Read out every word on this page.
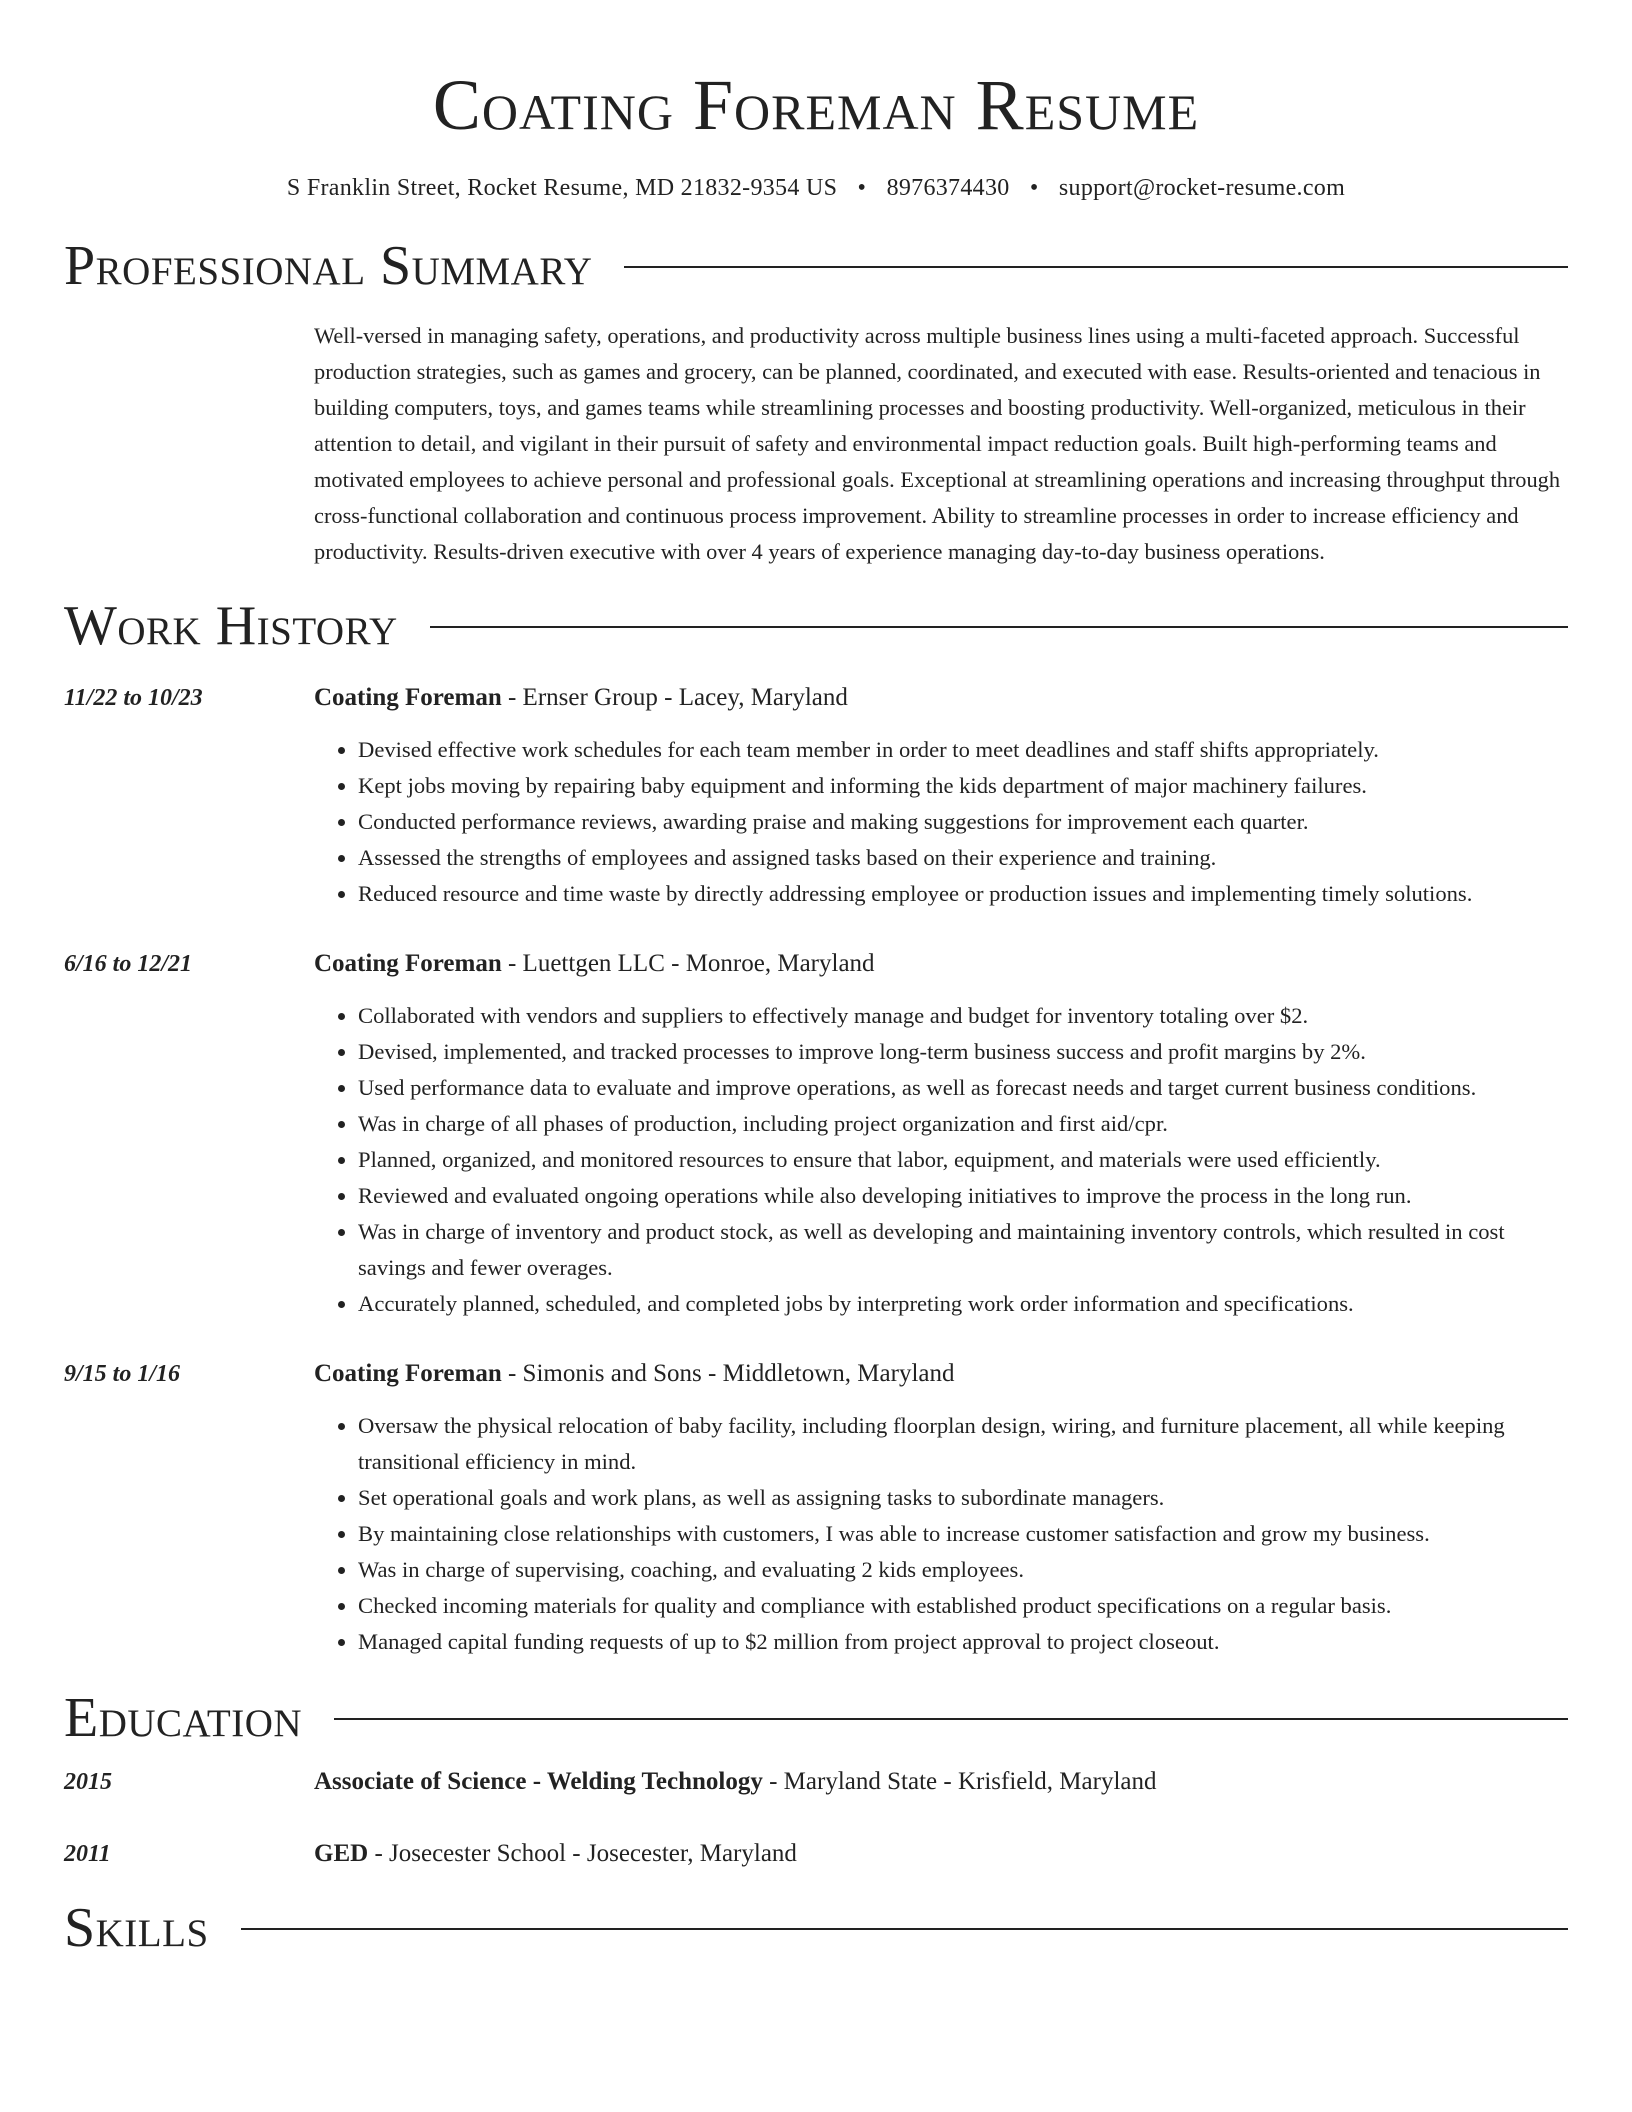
Coating Foreman Resume
S Franklin Street, Rocket Resume, MD 21832-9354 US • 8976374430 • support@rocket-resume.com
Professional Summary

Well-versed in managing safety, operations, and productivity across multiple business lines using a multi-faceted approach. Successful production strategies, such as games and grocery, can be planned, coordinated, and executed with ease. Results-oriented and tenacious in building computers, toys, and games teams while streamlining processes and boosting productivity. Well-organized, meticulous in their attention to detail, and vigilant in their pursuit of safety and environmental impact reduction goals. Built high-performing teams and motivated employees to achieve personal and professional goals. Exceptional at streamlining operations and increasing throughput through cross-functional collaboration and continuous process improvement. Ability to streamline processes in order to increase efficiency and productivity. Results-driven executive with over 4 years of experience managing day-to-day business operations.

Work History
11/22 to 10/23	Coating Foreman - Ernser Group - Lacey, Maryland
• Devised effective work schedules for each team member in order to meet deadlines and staff shifts appropriately.
• Kept jobs moving by repairing baby equipment and informing the kids department of major machinery failures.
• Conducted performance reviews, awarding praise and making suggestions for improvement each quarter.
• Assessed the strengths of employees and assigned tasks based on their experience and training.
• Reduced resource and time waste by directly addressing employee or production issues and implementing timely solutions.
6/16 to 12/21	Coating Foreman - Luettgen LLC - Monroe, Maryland
• Collaborated with vendors and suppliers to effectively manage and budget for inventory totaling over $2.
• Devised, implemented, and tracked processes to improve long-term business success and profit margins by 2%.
• Used performance data to evaluate and improve operations, as well as forecast needs and target current business conditions.
• Was in charge of all phases of production, including project organization and first aid/cpr.
• Planned, organized, and monitored resources to ensure that labor, equipment, and materials were used efficiently.
• Reviewed and evaluated ongoing operations while also developing initiatives to improve the process in the long run.
• Was in charge of inventory and product stock, as well as developing and maintaining inventory controls, which resulted in cost savings and fewer overages.
• Accurately planned, scheduled, and completed jobs by interpreting work order information and specifications.
9/15 to 1/16	Coating Foreman - Simonis and Sons - Middletown, Maryland
• Oversaw the physical relocation of baby facility, including floorplan design, wiring, and furniture placement, all while keeping transitional efficiency in mind.
• Set operational goals and work plans, as well as assigning tasks to subordinate managers.
• By maintaining close relationships with customers, I was able to increase customer satisfaction and grow my business.
• Was in charge of supervising, coaching, and evaluating 2 kids employees.
• Checked incoming materials for quality and compliance with established product specifications on a regular basis.
• Managed capital funding requests of up to $2 million from project approval to project closeout.
Education
2015	Associate of Science - Welding Technology - Maryland State - Krisfield, Maryland
2011	GED - Josecester School - Josecester, Maryland
Skills
